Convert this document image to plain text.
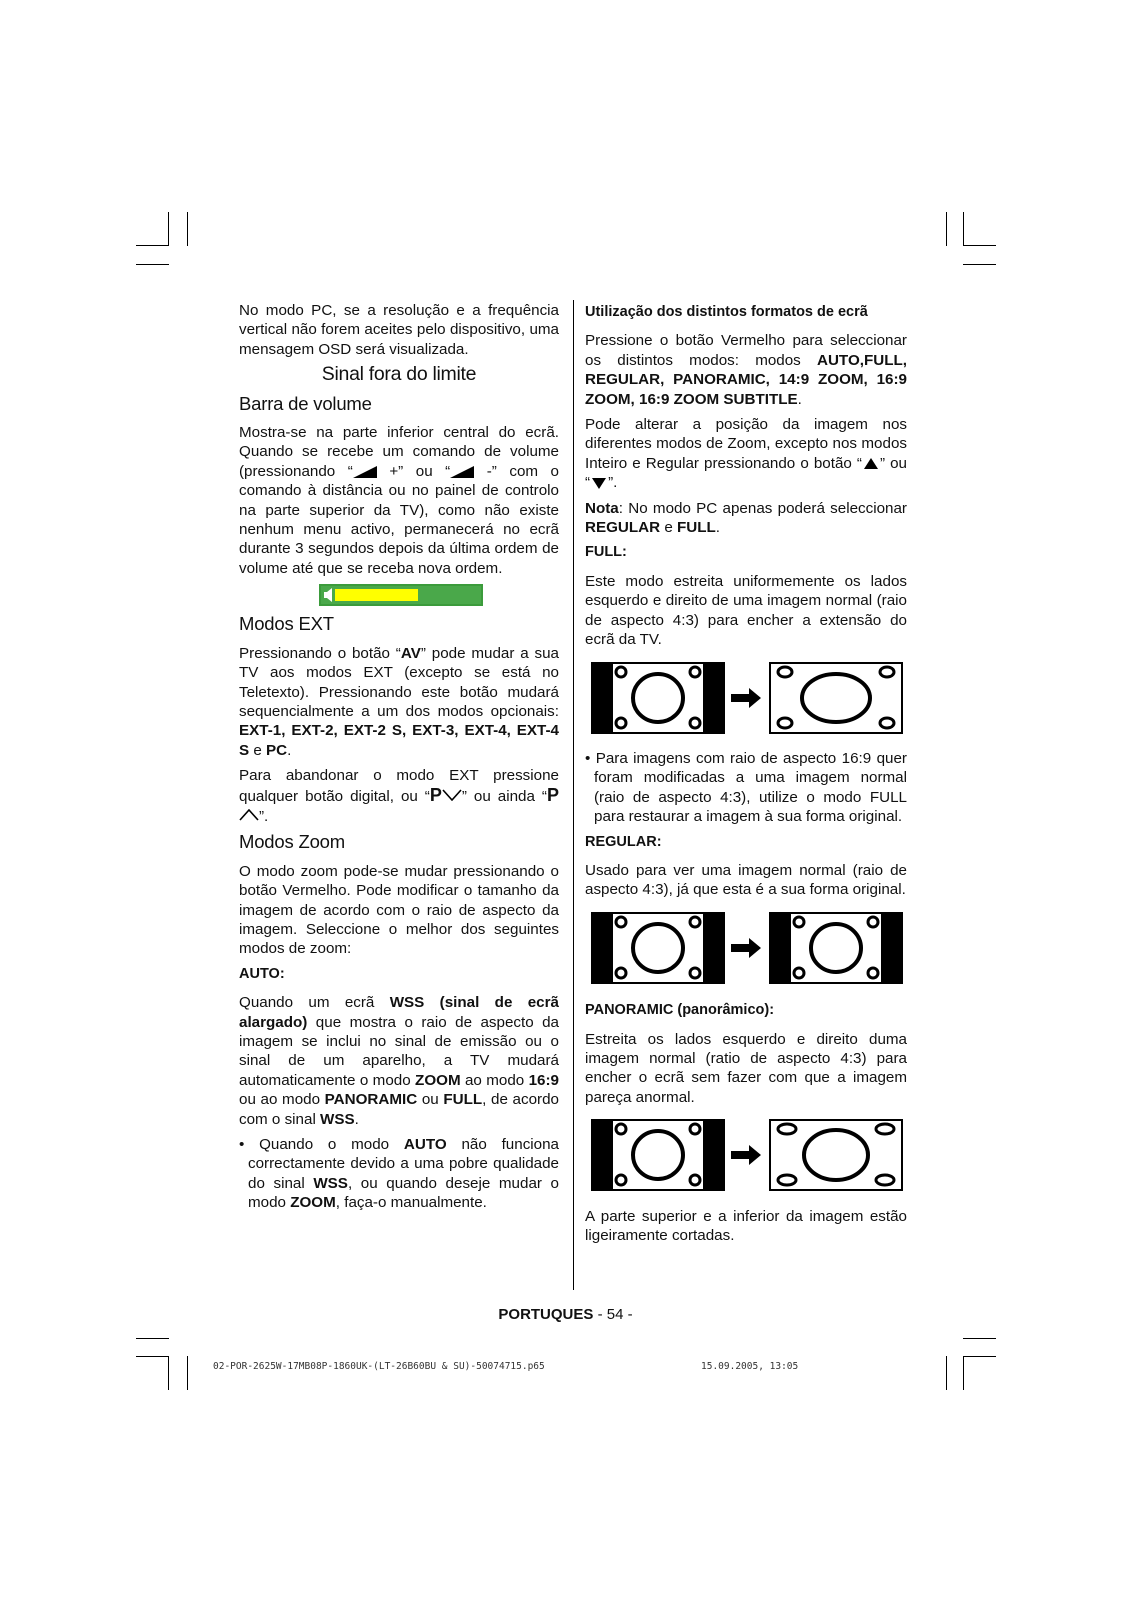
No modo PC, se a resolução e a frequência vertical não forem aceites pelo dispositivo, uma mensagem OSD será visualizada.

Sinal fora do limite
Barra de volume

Mostra-se na parte inferior central do ecrã. Quando se recebe um comando de volume (pressionando “ +” ou “ -” com o comando à distância ou no painel de controlo na parte superior da TV), como não existe nenhum menu activo, permanecerá no ecrã durante 3 segundos depois da última ordem de volume até que se receba nova ordem.

Modos EXT

Pressionando o botão “AV” pode mudar a sua TV aos modos EXT (excepto se está no Teletexto). Pressionando este botão mudará sequencialmente a um dos modos opcionais: EXT-1, EXT-2, EXT-2 S, EXT-3, EXT-4, EXT-4 S e PC.

Para abandonar o modo EXT pressione qualquer botão digital, ou “P ” ou ainda “P”.

Modos Zoom

O modo zoom pode-se mudar pressionando o botão Vermelho. Pode modificar o tamanho da imagem de acordo com o raio de aspecto da imagem. Seleccione o melhor dos seguintes modos de zoom:

AUTO:

Quando um ecrã WSS (sinal de ecrã alargado) que mostra o raio de aspecto da imagem se inclui no sinal de emissão ou o sinal de um aparelho, a TV mudará automaticamente o modo ZOOM ao modo 16:9 ou ao modo PANORAMIC ou FULL, de acordo com o sinal WSS.

• Quando o modo AUTO não funciona correctamente devido a uma pobre qualidade do sinal WSS, ou quando deseje mudar o modo ZOOM, faça-o manualmente.

Utilização dos distintos formatos de ecrã

Pressione o botão Vermelho para seleccionar os distintos modos: modos AUTO,FULL, REGULAR, PANORAMIC, 14:9 ZOOM, 16:9 ZOOM, 16:9 ZOOM SUBTITLE.

Pode alterar a posição da imagem nos diferentes modos de Zoom, excepto nos modos Inteiro e Regular pressionando o botão “ ” ou “ ”.

Nota: No modo PC apenas poderá seleccionar REGULAR e FULL.

FULL:

Este modo estreita uniformemente os lados esquerdo e direito de uma imagem normal (raio de aspecto 4:3) para encher a extensão do ecrã da TV.

• Para imagens com raio de aspecto 16:9 quer foram modificadas a uma imagem normal (raio de aspecto 4:3), utilize o modo FULL para restaurar a imagem à sua forma original.

REGULAR:

Usado para ver uma imagem normal (raio de aspecto 4:3), já que esta é a sua forma original.

PANORAMIC (panorâmico):

Estreita os lados esquerdo e direito duma imagem normal (ratio de aspecto 4:3) para encher o ecrã sem fazer com que a imagem pareça anormal.

A parte superior e a inferior da imagem estão ligeiramente cortadas.

PORTUQUES - 54 -
02-POR-2625W-17MB08P-1860UK-(LT-26B60BU & SU)-50074715.p65	15.09.2005, 13:05
